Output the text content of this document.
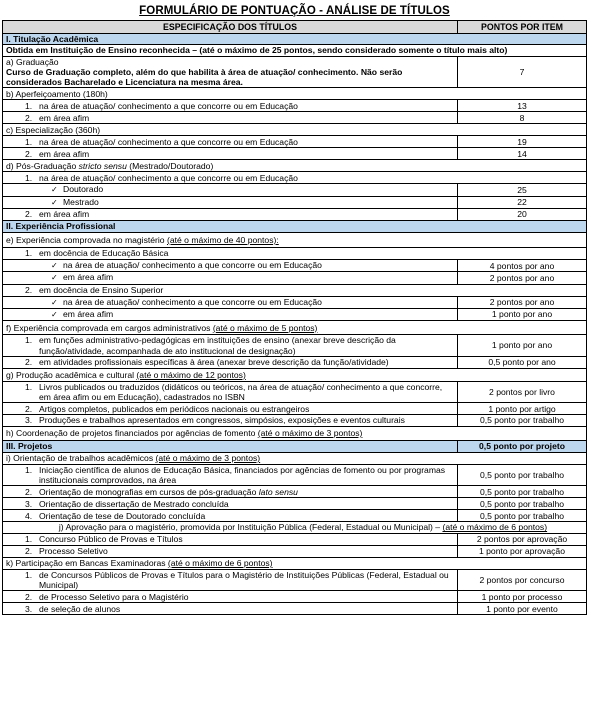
FORMULÁRIO DE PONTUAÇÃO - ANÁLISE DE TÍTULOS
ESPECIFICAÇÃO DOS TÍTULOS	PONTOS POR ITEM

I. Titulação Acadêmica
Obtida em Instituição de Ensino reconhecida – (até o máximo de 25 pontos, sendo considerado somente o título mais alto)	

a) Graduação
Curso de Graduação completo, além do que habilita à área de atuação/ conhecimento. Não serão considerados Bacharelado e Licenciatura na mesma área.	7
b) Aperfeiçoamento (180h)	
1. na área de atuação/ conhecimento a que concorre ou em Educação	13
2. em área afim	8
c) Especialização (360h)	
1. na área de atuação/ conhecimento a que concorre ou em Educação	19
2. em área afim	14
d) Pós-Graduação stricto sensu (Mestrado/Doutorado)	
1. na área de atuação/ conhecimento a que concorre ou em Educação	
✓ Doutorado	25
✓ Mestrado	22
2. em área afim	20
II. Experiência Profissional	
e) Experiência comprovada no magistério (até o máximo de 40 pontos):	
1. em docência de Educação Básica	
✓ na área de atuação/ conhecimento a que concorre ou em Educação	4 pontos por ano
✓ em área afim	2 pontos por ano
2. em docência de Ensino Superior	
✓ na área de atuação/ conhecimento a que concorre ou em Educação	2 pontos por ano
✓ em área afim	1 ponto por ano
f) Experiência comprovada em cargos administrativos (até o máximo de 5 pontos)	

1. em funções administrativo-pedagógicas em instituições de ensino (anexar breve descrição da função/atividade, acompanhada de ato institucional de designação)	1 ponto por ano
2. em atividades profissionais específicas à área (anexar breve descrição da função/atividade)	0,5 ponto por ano
g) Produção acadêmica e cultural (até o máximo de 12 pontos)	

1. Livros publicados ou traduzidos (didáticos ou teóricos, na área de atuação/ conhecimento a que concorre, em área afim ou em Educação), cadastrados no ISBN	2 pontos por livro
2. Artigos completos, publicados em periódicos nacionais ou estrangeiros	1 ponto por artigo

3. Produções e trabalhos apresentados em congressos, simpósios, exposições e eventos culturais	0,5 ponto por trabalho
h) Coordenação de projetos financiados por agências de fomento (até o máximo de 3 pontos)	
III. Projetos	0,5 ponto por projeto
i) Orientação de trabalhos acadêmicos (até o máximo de 3 pontos)	

1. Iniciação científica de alunos de Educação Básica, financiados por agências de fomento ou por programas institucionais comprovados, na área	0,5 ponto por trabalho
2. Orientação de monografias em cursos de pós-graduação lato sensu	0,5 ponto por trabalho
3. Orientação de dissertação de Mestrado concluída	0,5 ponto por trabalho
4. Orientação de tese de Doutorado concluída	0,5 ponto por trabalho
j) Aprovação para o magistério, promovida por Instituição Pública (Federal, Estadual ou Municipal) – (até o máximo de 6 pontos)	
1. Concurso Público de Provas e Títulos	2 pontos por aprovação
2. Processo Seletivo	1 ponto por aprovação
k) Participação em Bancas Examinadoras (até o máximo de 6 pontos)	

1. de Concursos Públicos de Provas e Títulos para o Magistério de Instituições Públicas (Federal, Estadual ou Municipal)	2 pontos por concurso
2. de Processo Seletivo para o Magistério	1 ponto por processo
3. de seleção de alunos	1 ponto por evento
